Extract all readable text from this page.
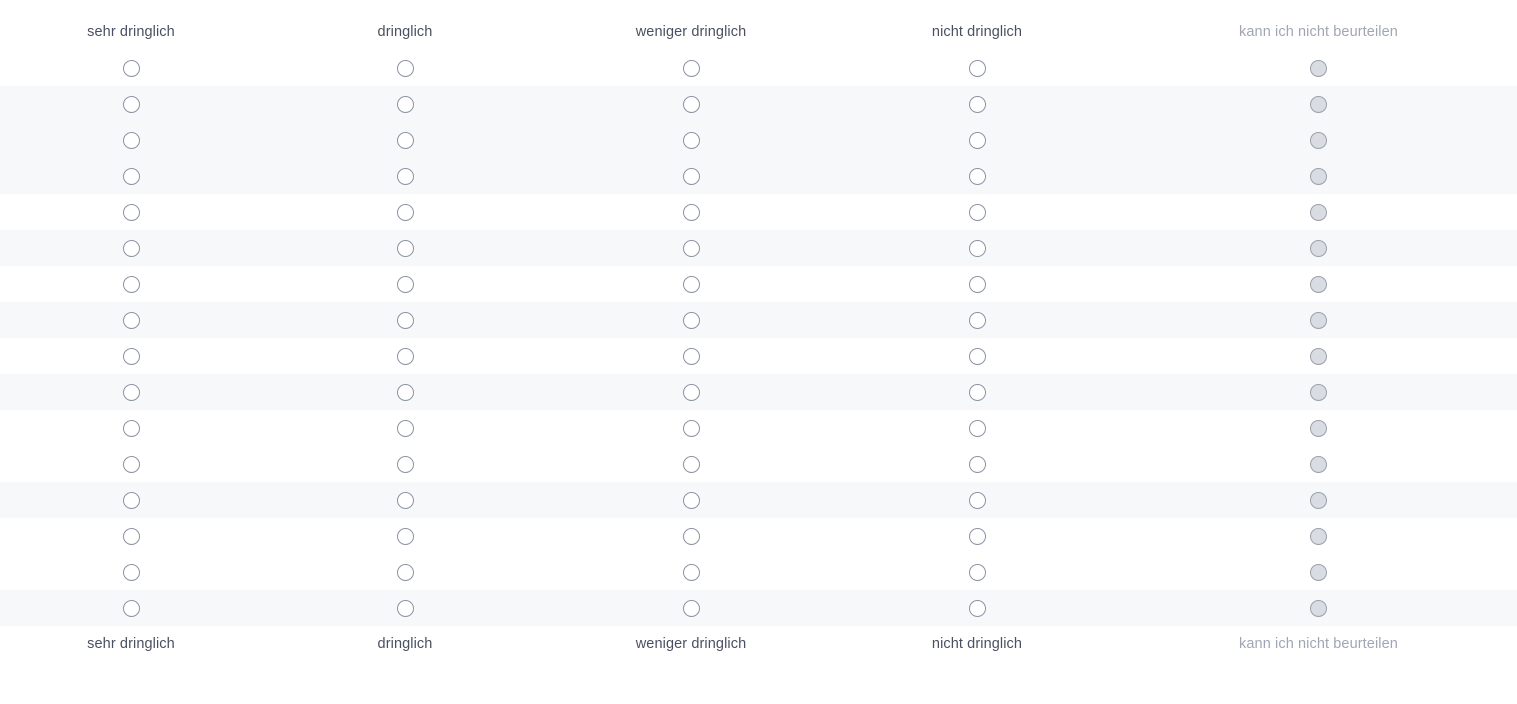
sehr dringlich	dringlich	weniger dringlich	nicht dringlich	kann ich nicht beurteilen
sehr dringlich	dringlich	weniger dringlich	nicht dringlich	kann ich nicht beurteilen
